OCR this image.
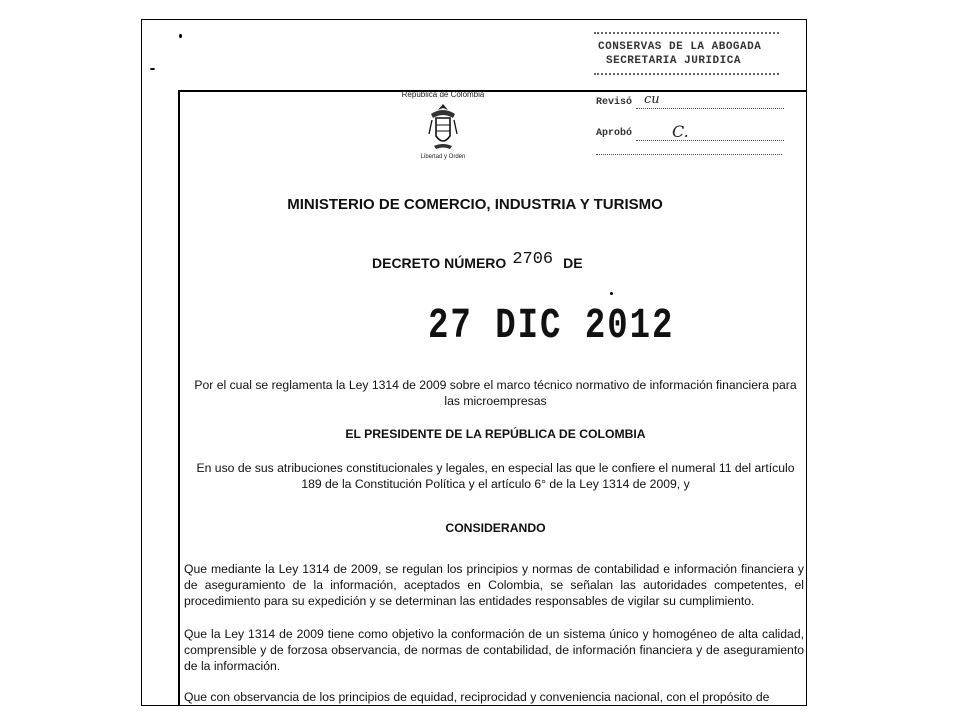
CONSERVAS DE LA ABOGADA
SECRETARIA JURIDICA
República de Colombia
Libertad y Orden
Revisó cu
Aprobó C.
MINISTERIO DE COMERCIO, INDUSTRIA Y TURISMO
DECRETO NÚMERO 2706 DE
27 DIC 2012
Por el cual se reglamenta la Ley 1314 de 2009 sobre el marco técnico normativo de información financiera para las microempresas
EL PRESIDENTE DE LA REPÚBLICA DE COLOMBIA
En uso de sus atribuciones constitucionales y legales, en especial las que le confiere el numeral 11 del artículo 189 de la Constitución Política y el artículo 6° de la Ley 1314 de 2009, y
CONSIDERANDO
Que mediante la Ley 1314 de 2009, se regulan los principios y normas de contabilidad e información financiera y de aseguramiento de la información, aceptados en Colombia, se señalan las autoridades competentes, el procedimiento para su expedición y se determinan las entidades responsables de vigilar su cumplimiento.
Que la Ley 1314 de 2009 tiene como objetivo la conformación de un sistema único y homogéneo de alta calidad, comprensible y de forzosa observancia, de normas de contabilidad, de información financiera y de aseguramiento de la información.
Que con observancia de los principios de equidad, reciprocidad y conveniencia nacional, con el propósito de
